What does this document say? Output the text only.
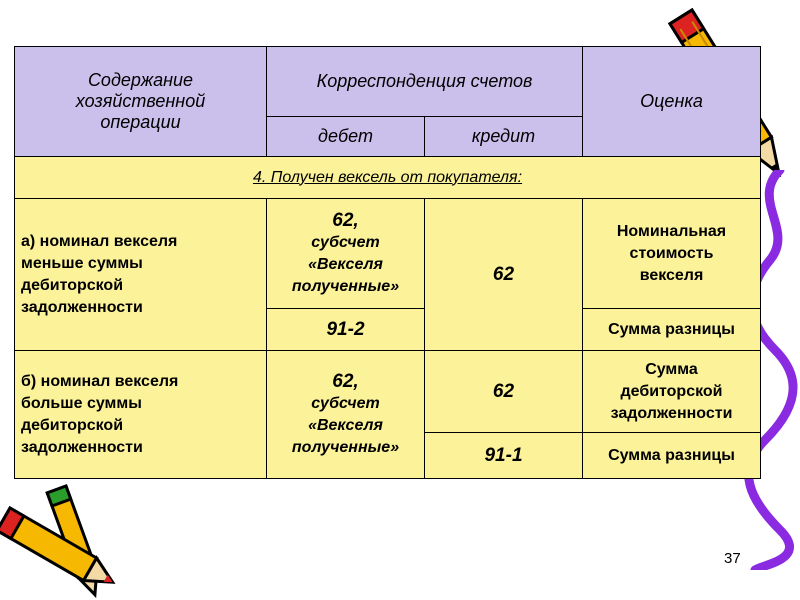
Содержание
хозяйственной
операции	Корреспонденция счетов		Оценка
	дебет	кредит	
4. Получен вексель от покупателя:			

а) номинал векселя
меньше суммы
дебиторской
задолженности	62,
субсчет
«Векселя
полученные»	62	Номинальная
стоимость
векселя

	91-2		Сумма разницы

б) номинал векселя
больше суммы
дебиторской
задолженности	62,
субсчет
«Векселя
полученные»	62	Сумма
дебиторской
задолженности

		91-1	Сумма разницы
37
